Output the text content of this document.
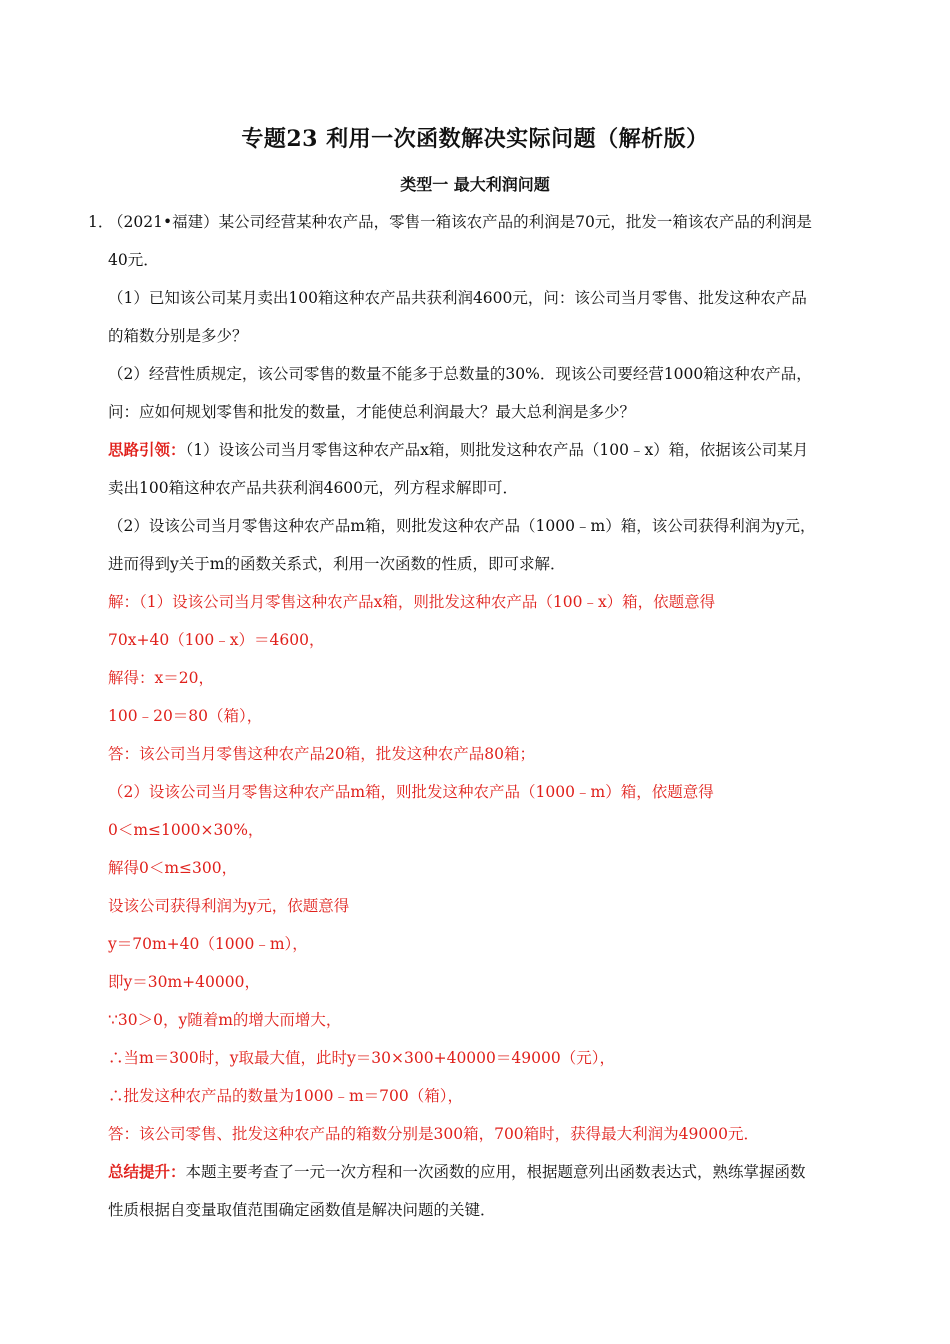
专题23 利用一次函数解决实际问题（解析版）
类型一 最大利润问题
1．
（2021•福建）某公司经营某种农产品，零售一箱该农产品的利润是70元，批发一箱该农产品的利润是
40元．
（1）已知该公司某月卖出100箱这种农产品共获利润4600元，问：该公司当月零售、批发这种农产品
的箱数分别是多少？
（2）经营性质规定，该公司零售的数量不能多于总数量的30%．现该公司要经营1000箱这种农产品，
问：应如何规划零售和批发的数量，才能使总利润最大？最大总利润是多少？
思路引领：（1）设该公司当月零售这种农产品x箱，则批发这种农产品（100﹣x）箱，依据该公司某月
卖出100箱这种农产品共获利润4600元，列方程求解即可．
（2）设该公司当月零售这种农产品m箱，则批发这种农产品（1000﹣m）箱，该公司获得利润为y元，
进而得到y关于m的函数关系式，利用一次函数的性质，即可求解．
解：（1）设该公司当月零售这种农产品x箱，则批发这种农产品（100﹣x）箱，依题意得
70x+40（100﹣x）＝4600，
解得：x＝20，
100﹣20＝80（箱），
答：该公司当月零售这种农产品20箱，批发这种农产品80箱；
（2）设该公司当月零售这种农产品m箱，则批发这种农产品（1000﹣m）箱，依题意得
0＜m≤1000×30%，
解得0＜m≤300，
设该公司获得利润为y元，依题意得
y＝70m+40（1000﹣m），
即y＝30m+40000，
∵30＞0，y随着m的增大而增大，
∴当m＝300时，y取最大值，此时y＝30×300+40000＝49000（元），
∴批发这种农产品的数量为1000﹣m＝700（箱），
答：该公司零售、批发这种农产品的箱数分别是300箱，700箱时，获得最大利润为49000元．
总结提升：本题主要考查了一元一次方程和一次函数的应用，根据题意列出函数表达式，熟练掌握函数
性质根据自变量取值范围确定函数值是解决问题的关键．
